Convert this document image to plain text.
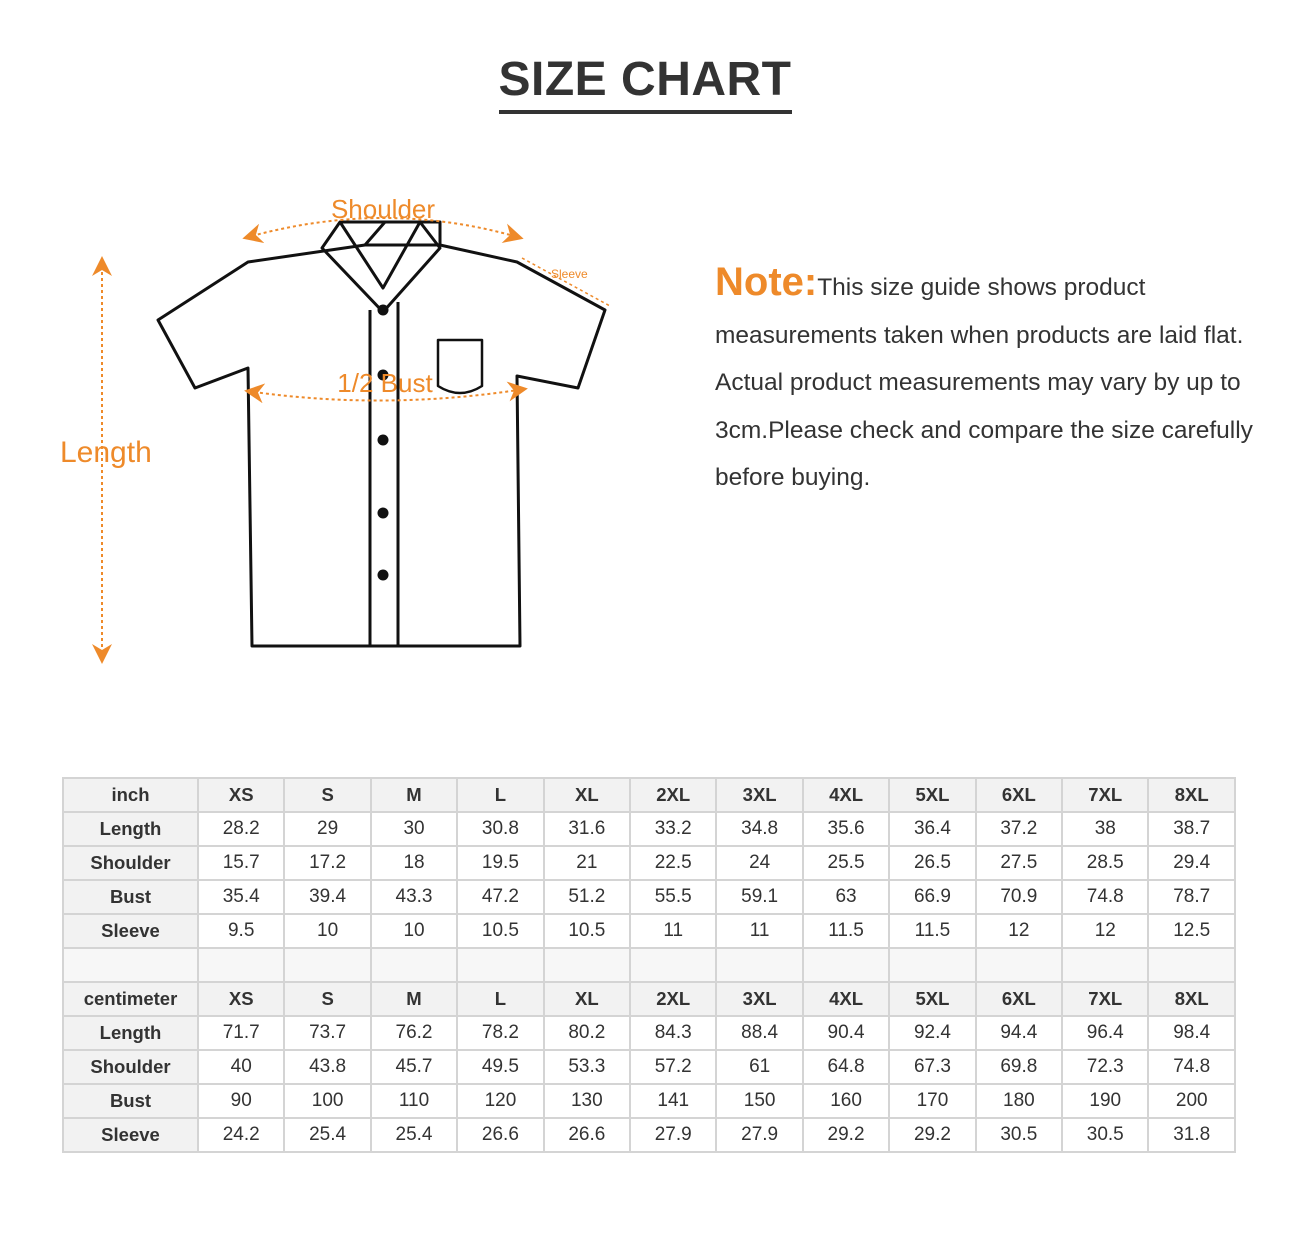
SIZE CHART
Shoulder
Sleeve
1/2 Bust
Length

Note:This size guide shows product measurements taken when products are laid flat. Actual product measurements may vary by up to 3cm.Please check and compare the size carefully before buying.

inch	XS	S	M	L	XL	2XL	3XL	4XL	5XL	6XL	7XL	8XL
Length	28.2	29	30	30.8	31.6	33.2	34.8	35.6	36.4	37.2	38	38.7
Shoulder	15.7	17.2	18	19.5	21	22.5	24	25.5	26.5	27.5	28.5	29.4
Bust	35.4	39.4	43.3	47.2	51.2	55.5	59.1	63	66.9	70.9	74.8	78.7
Sleeve	9.5	10	10	10.5	10.5	11	11	11.5	11.5	12	12	12.5

centimeter	XS	S	M	L	XL	2XL	3XL	4XL	5XL	6XL	7XL	8XL
Length	71.7	73.7	76.2	78.2	80.2	84.3	88.4	90.4	92.4	94.4	96.4	98.4
Shoulder	40	43.8	45.7	49.5	53.3	57.2	61	64.8	67.3	69.8	72.3	74.8
Bust	90	100	110	120	130	141	150	160	170	180	190	200
Sleeve	24.2	25.4	25.4	26.6	26.6	27.9	27.9	29.2	29.2	30.5	30.5	31.8
